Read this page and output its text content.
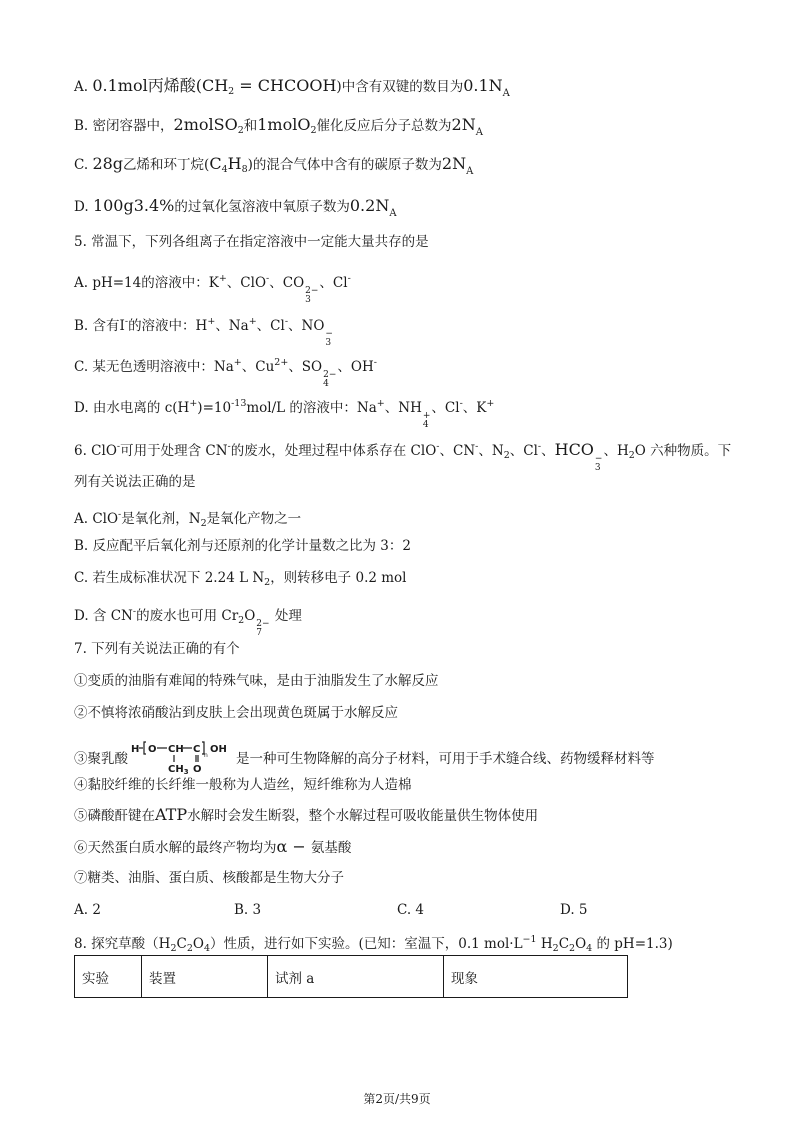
A. 0.1mol丙烯酸($CH_2$ = CHCOOH)中含有双键的数目为$0.1N_A$
B. 密闭容器中，2molSO$_2$和1molO$_2$催化反应后分子总数为$2N_A$
C. 28g乙烯和环丁烷$(C_4H_8)$的混合气体中含有的碳原子数为$2N_A$
D. 100g3.4%的过氧化氢溶液中氧原子数为$0.2N_A$
5. 常温下，下列各组离子在指定溶液中一定能大量共存的是
A. pH=14的溶液中：K+、ClO-、CO 2−
3
、Cl-
B. 含有I-的溶液中：H+、Na+、Cl-、NO −
3
C. 某无色透明溶液中：Na+、$Cu^{2+}$、SO 2−
4
、OH-
D. 由水电离的 $c(H^+)=10^{-13}mol/L$ 的溶液中：Na+、NH +
4
、Cl-、K+
6. ClO-可用于处理含 CN-的废水，处理过程中体系存在 ClO-、CN-、$N_2$、Cl-、HCO −
3
、$H_2O$ 六种物质。下
列有关说法正确的是
A. ClO-是氧化剂，$N_2$是氧化产物之一
B. 反应配平后氧化剂与还原剂的化学计量数之比为 3：2
C. 若生成标准状况下 2.24 L $N_2$，则转移电子 0.2 mol
D. 含 CN-的废水也可用 $Cr_2O$ 2−
7
处理
7. 下列有关说法正确的有个
①变质的油脂有难闻的特殊气味，是由于油脂发生了水解反应
②不慎将浓硝酸沾到皮肤上会出现黄色斑属于水解反应
③聚乳酸
H O CH C
n
OH
$CH_3$ O
是一种可生物降解的高分子材料，可用于手术缝合线、药物缓释材料等
④黏胶纤维的长纤维一般称为人造丝，短纤维称为人造棉
⑤磷酸酐键在ATP水解时会发生断裂，整个水解过程可吸收能量供生物体使用
⑥天然蛋白质水解的最终产物均为α − 氨基酸
⑦糖类、油脂、蛋白质、核酸都是生物大分子
A. 2	B. 3	C. 4	D. 5
8. 探究草酸$(H_2C_2O_4)$性质，进行如下实验。(已知：室温下，0.1 $mol\cdot L^{-1}$ $H_2C_2O_4$ 的 pH=1.3)
实验	装置	试剂 a	现象
第2页/共9页
